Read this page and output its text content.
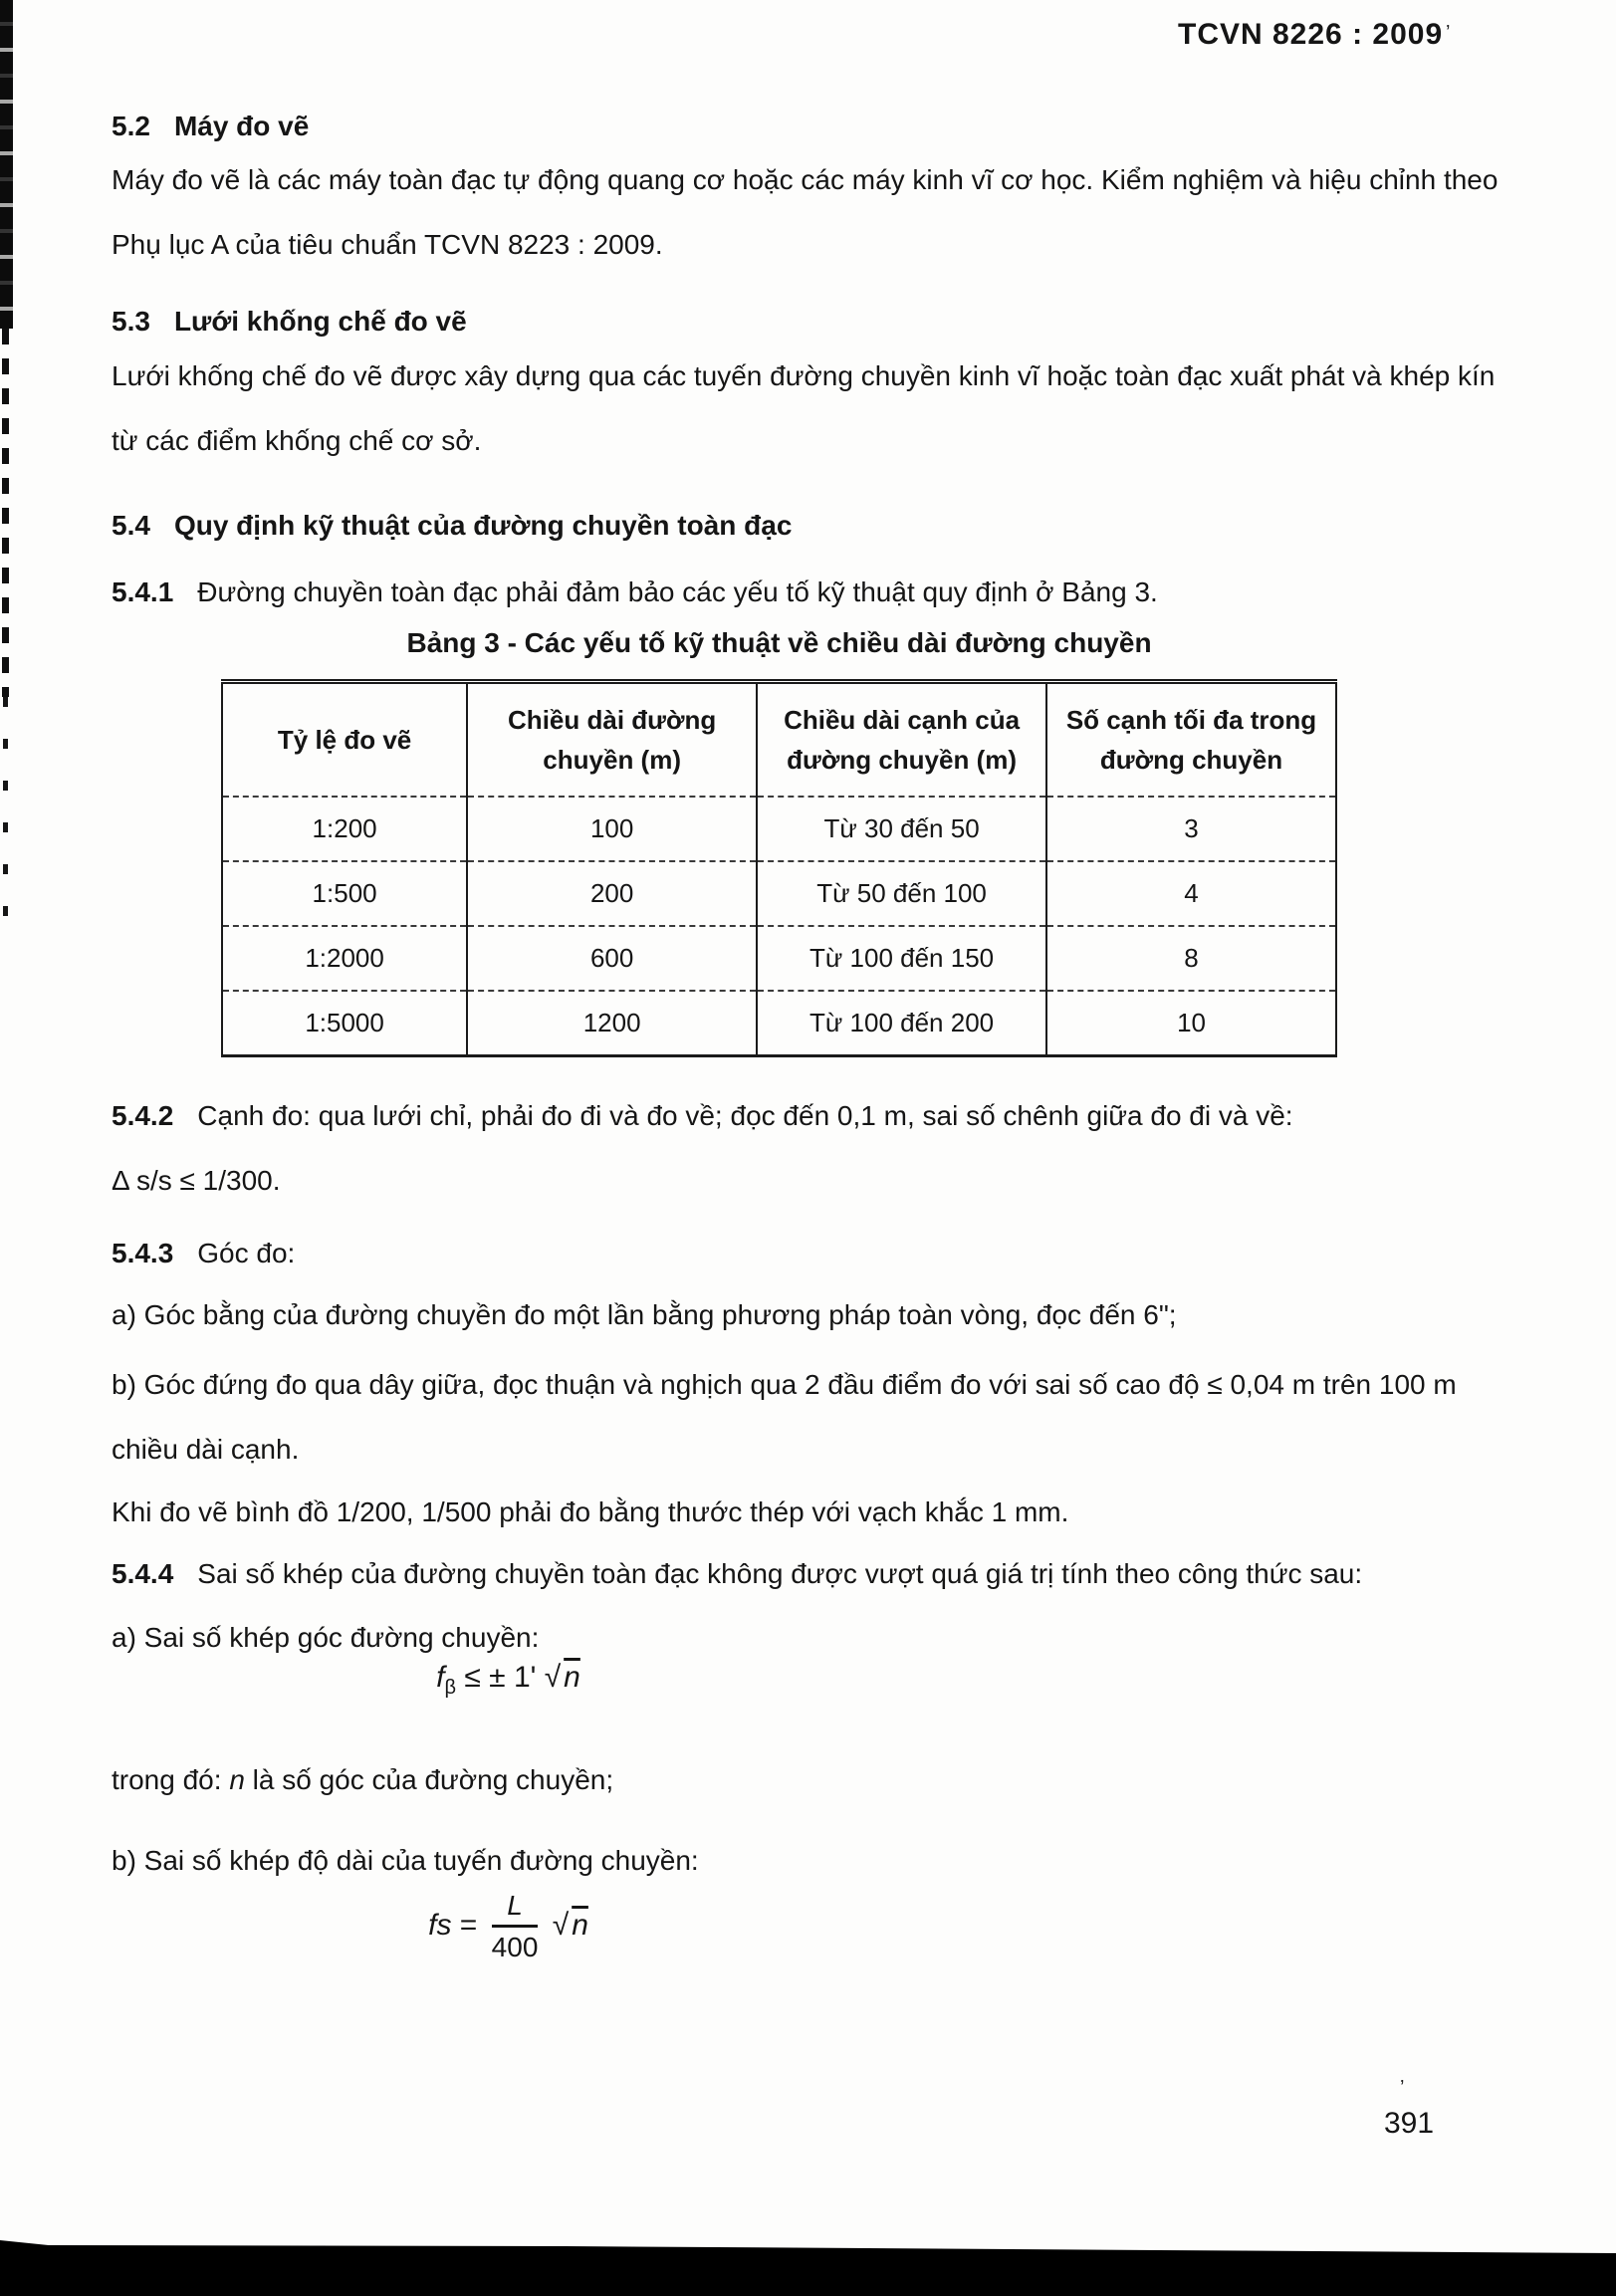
TCVN 8226 : 2009 ’
5.2 Máy đo vẽ
Máy đo vẽ là các máy toàn đạc tự động quang cơ hoặc các máy kinh vĩ cơ học. Kiểm nghiệm và hiệu chỉnh theo Phụ lục A của tiêu chuẩn TCVN 8223 : 2009.
5.3 Lưới khống chế đo vẽ
Lưới khống chế đo vẽ được xây dựng qua các tuyến đường chuyền kinh vĩ hoặc toàn đạc xuất phát và khép kín từ các điểm khống chế cơ sở.
5.4 Quy định kỹ thuật của đường chuyền toàn đạc
5.4.1 Đường chuyền toàn đạc phải đảm bảo các yếu tố kỹ thuật quy định ở Bảng 3.
Bảng 3 - Các yếu tố kỹ thuật về chiều dài đường chuyền
Tỷ lệ đo vẽ	Chiều dài đường chuyền (m)	Chiều dài cạnh của đường chuyền (m)	Số cạnh tối đa trong đường chuyền
1:200	100	Từ 30 đến 50	3
1:500	200	Từ 50 đến 100	4
1:2000	600	Từ 100 đến 150	8
1:5000	1200	Từ 100 đến 200	10
5.4.2 Cạnh đo: qua lưới chỉ, phải đo đi và đo về; đọc đến 0,1 m, sai số chênh giữa đo đi và về:
Δ s/s ≤ 1/300.
5.4.3 Góc đo:
a) Góc bằng của đường chuyền đo một lần bằng phương pháp toàn vòng, đọc đến 6";
b) Góc đứng đo qua dây giữa, đọc thuận và nghịch qua 2 đầu điểm đo với sai số cao độ ≤ 0,04 m trên 100 m chiều dài cạnh.
Khi đo vẽ bình đồ 1/200, 1/500 phải đo bằng thước thép với vạch khắc 1 mm.
5.4.4 Sai số khép của đường chuyền toàn đạc không được vượt quá giá trị tính theo công thức sau:
a) Sai số khép góc đường chuyền:
$f_\beta$ ≤ ± 1' √ n
trong đó: n là số góc của đường chuyền;
b) Sai số khép độ dài của tuyến đường chuyền:
fs = $\frac{L}{400}$ √ n
’
391
